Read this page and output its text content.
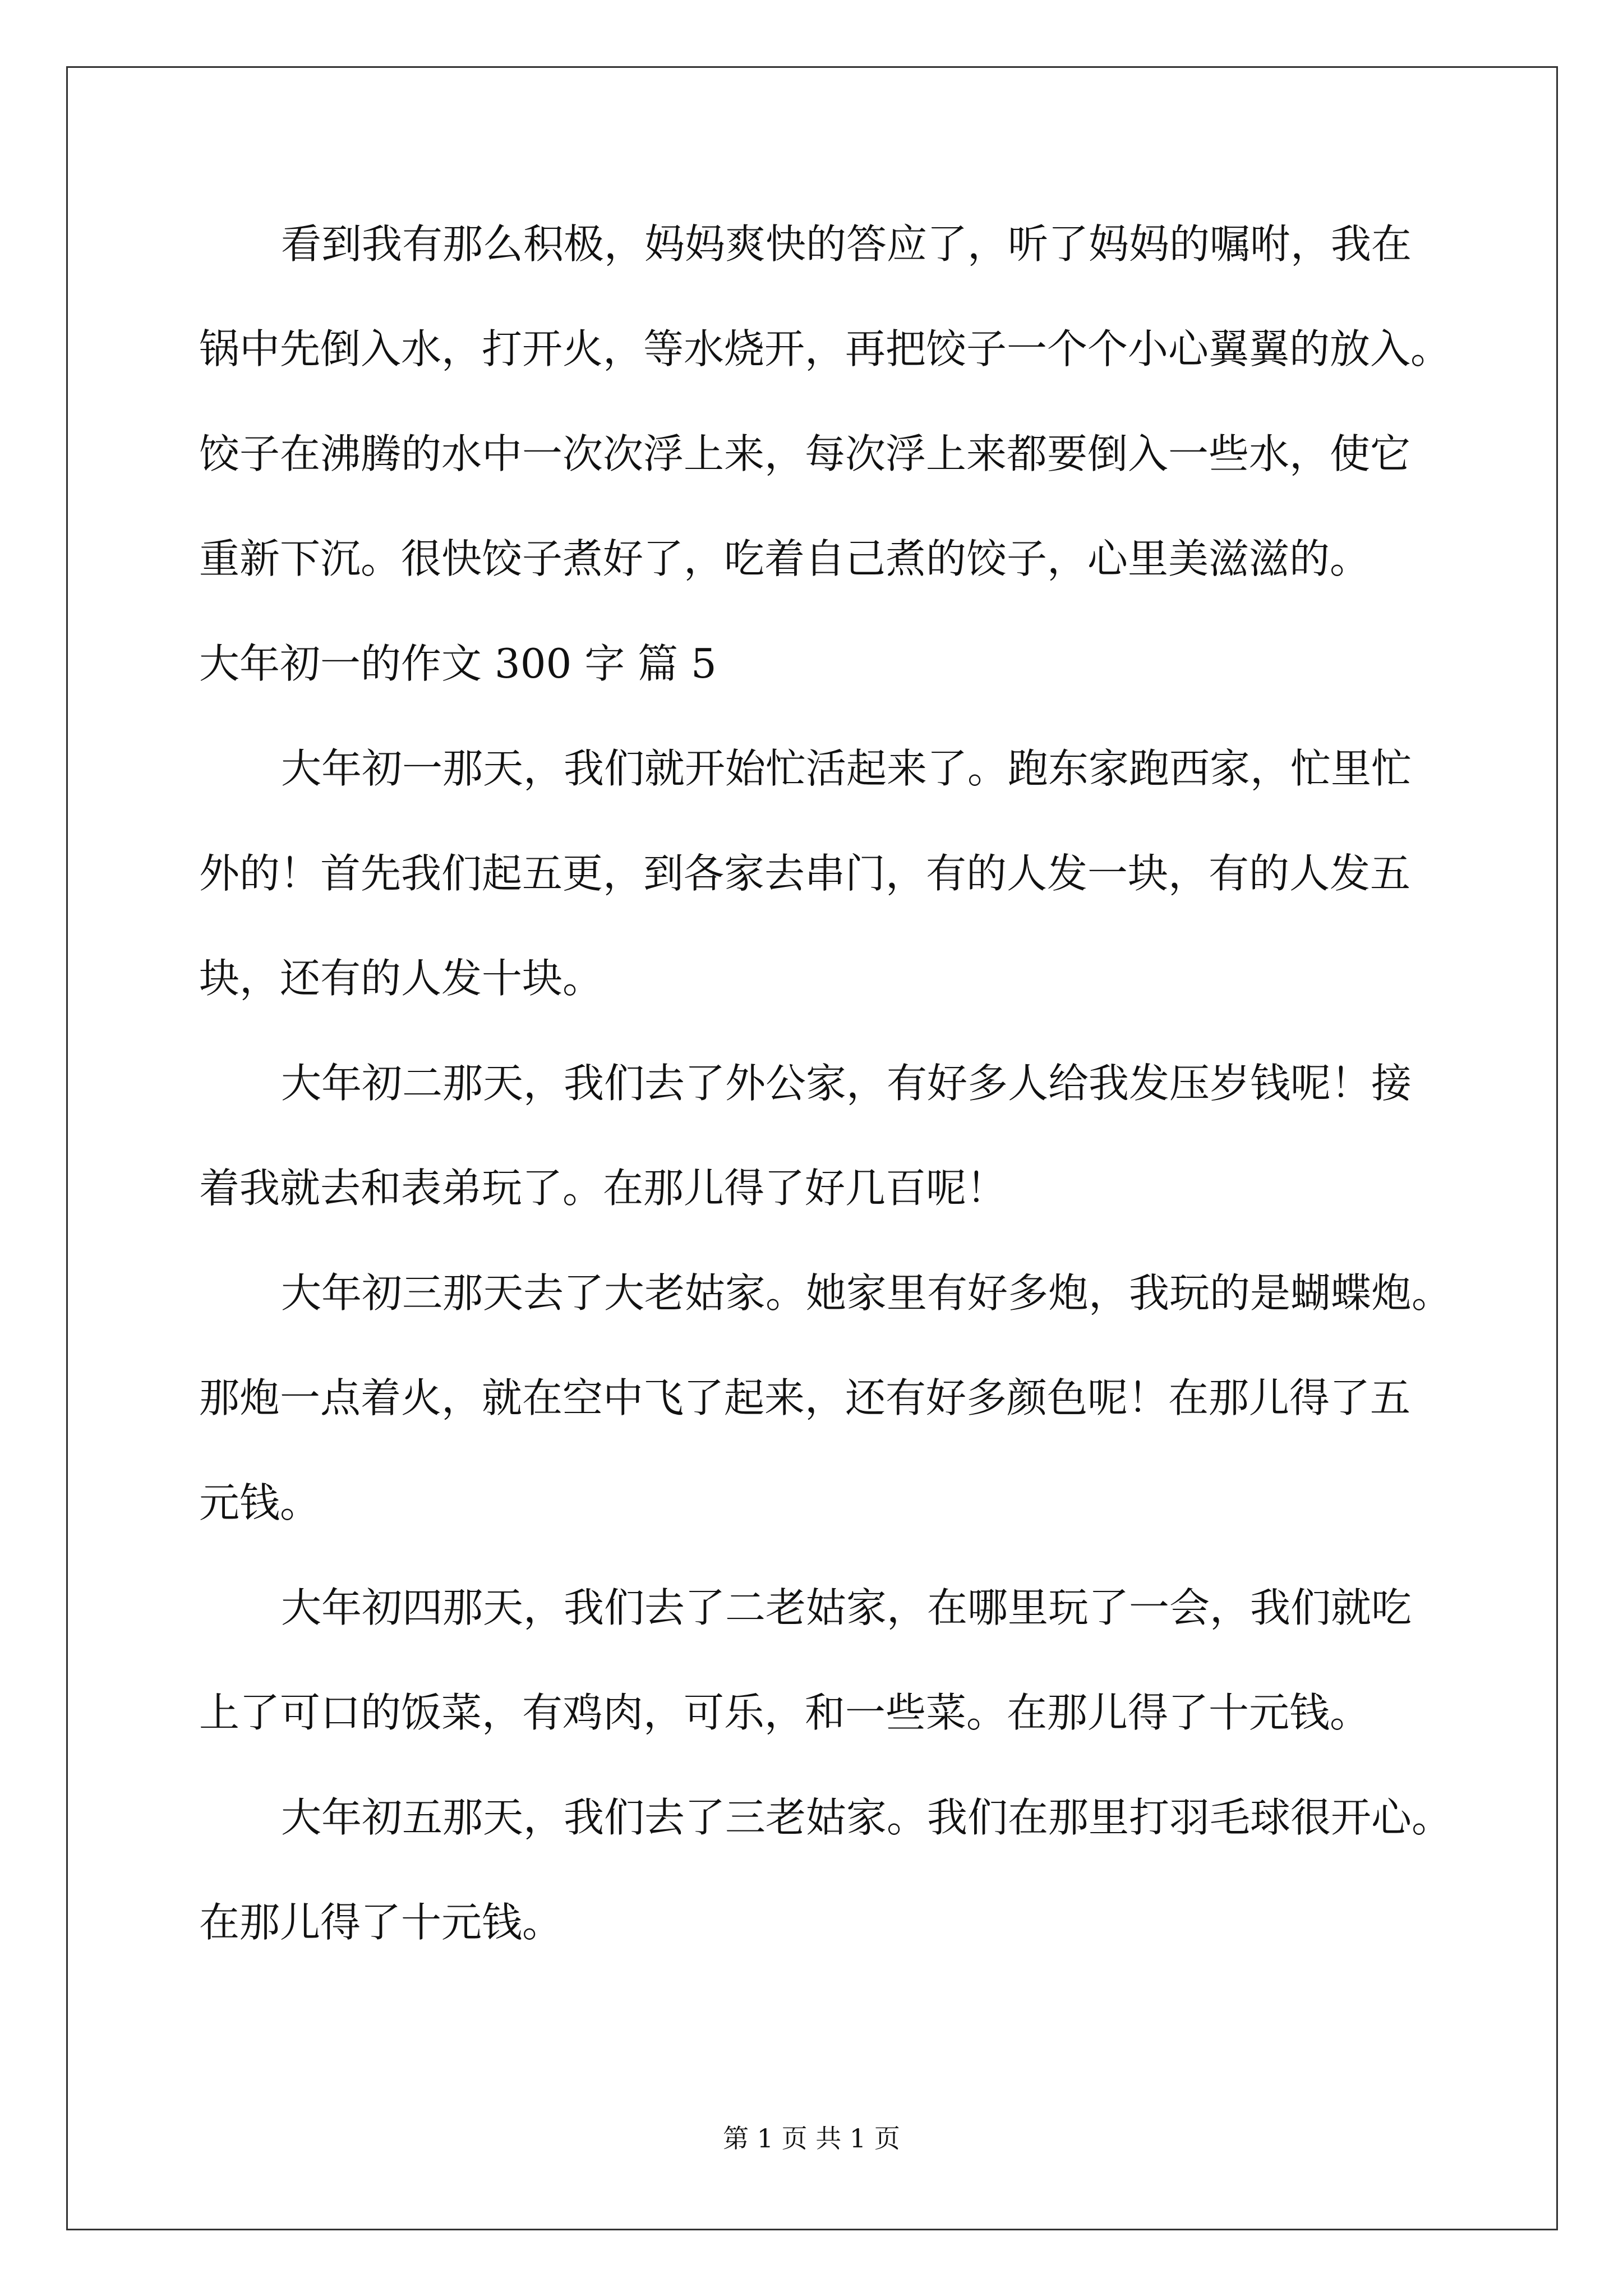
看到我有那么积极，妈妈爽快的答应了，听了妈妈的嘱咐，我在
锅中先倒入水，打开火，等水烧开，再把饺子一个个小心翼翼的放入。
饺子在沸腾的水中一次次浮上来，每次浮上来都要倒入一些水，使它
重新下沉。很快饺子煮好了，吃着自己煮的饺子，心里美滋滋的。
大年初一的作文 300 字 篇 5
大年初一那天，我们就开始忙活起来了。跑东家跑西家，忙里忙
外的！首先我们起五更，到各家去串门，有的人发一块，有的人发五
块，还有的人发十块。
大年初二那天，我们去了外公家，有好多人给我发压岁钱呢！接
着我就去和表弟玩了。在那儿得了好几百呢！
大年初三那天去了大老姑家。她家里有好多炮，我玩的是蝴蝶炮。
那炮一点着火，就在空中飞了起来，还有好多颜色呢！在那儿得了五
元钱。
大年初四那天，我们去了二老姑家，在哪里玩了一会，我们就吃
上了可口的饭菜，有鸡肉，可乐，和一些菜。在那儿得了十元钱。
大年初五那天，我们去了三老姑家。我们在那里打羽毛球很开心。
在那儿得了十元钱。
第 1 页 共 1 页
